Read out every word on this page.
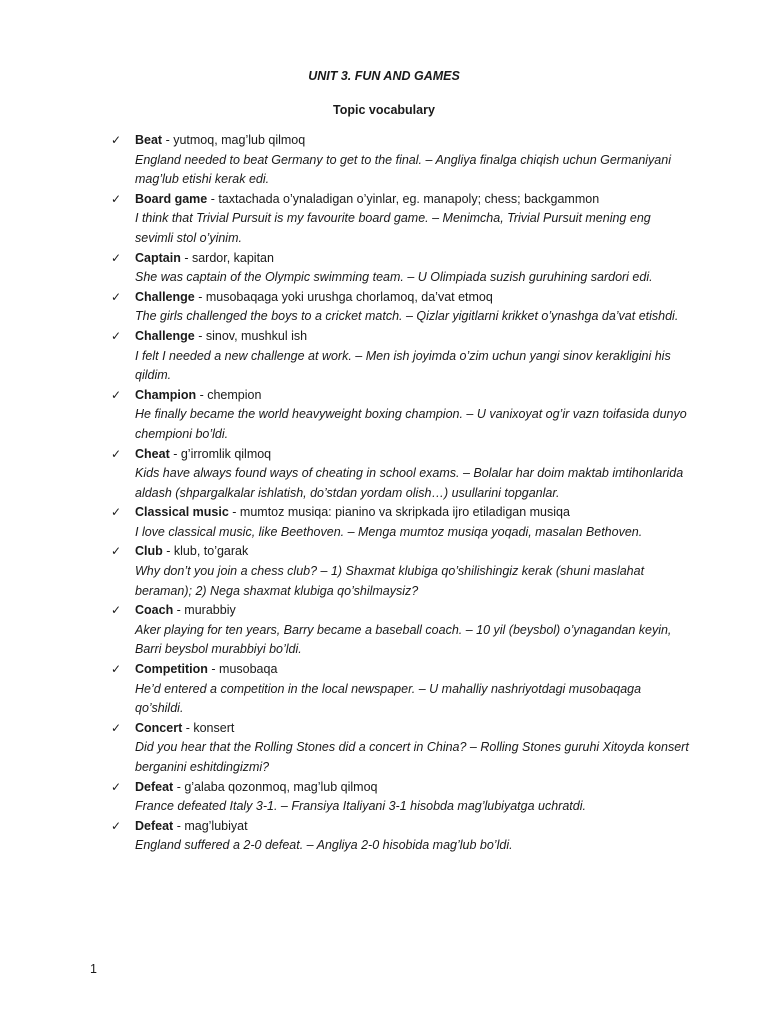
UNIT 3. FUN AND GAMES
Topic vocabulary
✓ Beat - yutmoq, mag’lub qilmoq
England needed to beat Germany to get to the final. – Angliya finalga chiqish uchun Germaniyani mag’lub etishi kerak edi.
✓ Board game - taxtachada o’ynaladigan o’yinlar, eg. manapoly; chess; backgammon
I think that Trivial Pursuit is my favourite board game. – Menimcha, Trivial Pursuit mening eng sevimli stol o’yinim.
✓ Captain - sardor, kapitan
She was captain of the Olympic swimming team. – U Olimpiada suzish guruhining sardori edi.
✓ Challenge - musobaqaga yoki urushga chorlamoq, da’vat etmoq
The girls challenged the boys to a cricket match. – Qizlar yigitlarni krikket o’ynashga da’vat etishdi.
✓ Challenge - sinov, mushkul ish
I felt I needed a new challenge at work. – Men ish joyimda o’zim uchun yangi sinov kerakligini his qildim.
✓ Champion - chempion
He finally became the world heavyweight boxing champion. – U vanixoyat og’ir vazn toifasida dunyo chempioni bo’ldi.
✓ Cheat - g’irromlik qilmoq
Kids have always found ways of cheating in school exams. – Bolalar har doim maktab imtihonlarida aldash (shpargalkalar ishlatish, do’stdan yordam olish…) usullarini topganlar.
✓ Classical music - mumtoz musiqa: pianino va skripkada ijro etiladigan musiqa
I love classical music, like Beethoven. – Menga mumtoz musiqa yoqadi, masalan Bethoven.
✓ Club - klub, to’garak
Why don’t you join a chess club? – 1) Shaxmat klubiga qo’shilishingiz kerak (shuni maslahat beraman); 2) Nega shaxmat klubiga qo’shilmaysiz?
✓ Coach - murabbiy
Aker playing for ten years, Barry became a baseball coach. – 10 yil (beysbol) o’ynagandan keyin, Barri beysbol murabbiyi bo’ldi.
✓ Competition - musobaqa
He’d entered a competition in the local newspaper. – U mahalliy nashriyotdagi musobaqaga qo’shildi.
✓ Concert - konsert
Did you hear that the Rolling Stones did a concert in China? – Rolling Stones guruhi Xitoyda konsert berganini eshitdingizmi?
✓ Defeat - g’alaba qozonmoq, mag’lub qilmoq
France defeated Italy 3-1. – Fransiya Italiyani 3-1 hisobda mag’lubiyatga uchratdi.
✓ Defeat - mag’lubiyat
England suffered a 2-0 defeat. – Angliya 2-0 hisobida mag’lub bo’ldi.
1
